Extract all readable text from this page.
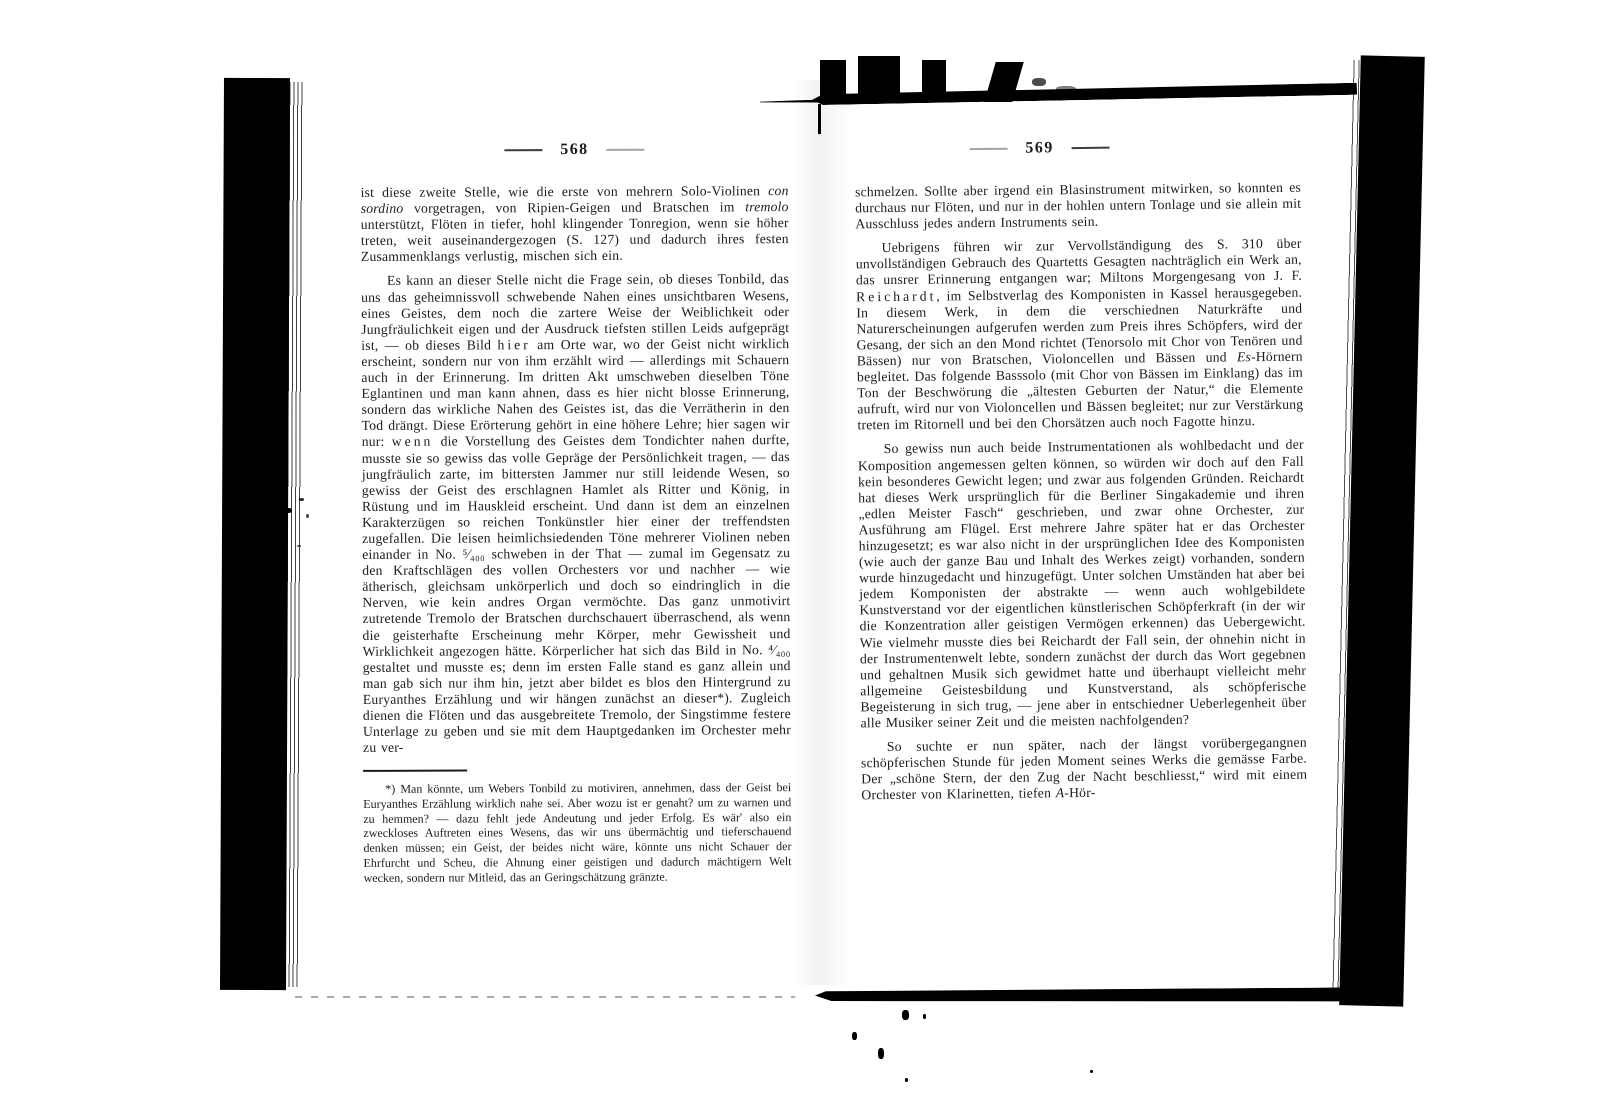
568

ist diese zweite Stelle, wie die erste von mehrern Solo-Violinen con sordino vorgetragen, von Ripien-Geigen und Bratschen im tremolo unterstützt, Flöten in tiefer, hohl klingender Tonregion, wenn sie höher treten, weit auseinandergezogen (S. 127) und dadurch ihres festen Zusammenklangs verlustig, mischen sich ein.

Es kann an dieser Stelle nicht die Frage sein, ob dieses Tonbild, das uns das geheimnissvoll schwebende Nahen eines unsichtbaren Wesens, eines Geistes, dem noch die zartere Weise der Weiblichkeit oder Jungfräulichkeit eigen und der Ausdruck tiefsten stillen Leids aufgeprägt ist, — ob dieses Bild hier am Orte war, wo der Geist nicht wirklich erscheint, sondern nur von ihm erzählt wird — allerdings mit Schauern auch in der Erinnerung. Im dritten Akt umschweben dieselben Töne Eglantinen und man kann ahnen, dass es hier nicht blosse Erinnerung, sondern das wirkliche Nahen des Geistes ist, das die Verrätherin in den Tod drängt. Diese Erörterung gehört in eine höhere Lehre; hier sagen wir nur: wenn die Vorstellung des Geistes dem Tondichter nahen durfte, musste sie so gewiss das volle Gepräge der Persönlichkeit tragen, — das jungfräulich zarte, im bittersten Jammer nur still leidende Wesen, so gewiss der Geist des erschlagnen Hamlet als Ritter und König, in Rüstung und im Hauskleid erscheint. Und dann ist dem an einzelnen Karakterzügen so reichen Tonkünstler hier einer der treffendsten zugefallen. Die leisen heimlichsiedenden Töne mehrerer Violinen neben einander in No. ⁵⁄₄₀₀ schweben in der That — zumal im Gegensatz zu den Kraftschlägen des vollen Orchesters vor und nachher — wie ätherisch, gleichsam unkörperlich und doch so eindringlich in die Nerven, wie kein andres Organ vermöchte. Das ganz unmotivirt zutretende Tremolo der Bratschen durchschauert überraschend, als wenn die geisterhafte Erscheinung mehr Körper, mehr Gewissheit und Wirklichkeit angezogen hätte. Körperlicher hat sich das Bild in No. ⁴⁄₄₀₀ gestaltet und musste es; denn im ersten Falle stand es ganz allein und man gab sich nur ihm hin, jetzt aber bildet es blos den Hintergrund zu Euryanthes Erzählung und wir hängen zunächst an dieser*). Zugleich dienen die Flöten und das ausgebreitete Tremolo, der Singstimme festere Unterlage zu geben und sie mit dem Hauptgedanken im Orchester mehr zu ver-

*) Man könnte, um Webers Tonbild zu motiviren, annehmen, dass der Geist bei Euryanthes Erzählung wirklich nahe sei. Aber wozu ist er genaht? um zu warnen und zu hemmen? — dazu fehlt jede Andeutung und jeder Erfolg. Es wär' also ein zweckloses Auftreten eines Wesens, das wir uns übermächtig und tieferschauend denken müssen; ein Geist, der beides nicht wäre, könnte uns nicht Schauer der Ehrfurcht und Scheu, die Ahnung einer geistigen und dadurch mächtigern Welt wecken, sondern nur Mitleid, das an Geringschätzung gränzte.

569

schmelzen. Sollte aber irgend ein Blasinstrument mitwirken, so konnten es durchaus nur Flöten, und nur in der hohlen untern Tonlage und sie allein mit Ausschluss jedes andern Instruments sein.

Uebrigens führen wir zur Vervollständigung des S. 310 über unvollständigen Gebrauch des Quartetts Gesagten nachträglich ein Werk an, das unsrer Erinnerung entgangen war; Miltons Morgengesang von J. F. Reichardt, im Selbstverlag des Komponisten in Kassel herausgegeben. In diesem Werk, in dem die verschiednen Naturkräfte und Naturerscheinungen aufgerufen werden zum Preis ihres Schöpfers, wird der Gesang, der sich an den Mond richtet (Tenorsolo mit Chor von Tenören und Bässen) nur von Bratschen, Violoncellen und Bässen und Es-Hörnern begleitet. Das folgende Basssolo (mit Chor von Bässen im Einklang) das im Ton der Beschwörung die „ältesten Geburten der Natur,“ die Elemente aufruft, wird nur von Violoncellen und Bässen begleitet; nur zur Verstärkung treten im Ritornell und bei den Chorsätzen auch noch Fagotte hinzu.

So gewiss nun auch beide Instrumentationen als wohlbedacht und der Komposition angemessen gelten können, so würden wir doch auf den Fall kein besonderes Gewicht legen; und zwar aus folgenden Gründen. Reichardt hat dieses Werk ursprünglich für die Berliner Singakademie und ihren „edlen Meister Fasch“ geschrieben, und zwar ohne Orchester, zur Ausführung am Flügel. Erst mehrere Jahre später hat er das Orchester hinzugesetzt; es war also nicht in der ursprünglichen Idee des Komponisten (wie auch der ganze Bau und Inhalt des Werkes zeigt) vorhanden, sondern wurde hinzugedacht und hinzugefügt. Unter solchen Umständen hat aber bei jedem Komponisten der abstrakte — wenn auch wohlgebildete Kunstverstand vor der eigentlichen künstlerischen Schöpferkraft (in der wir die Konzentration aller geistigen Vermögen erkennen) das Uebergewicht. Wie vielmehr musste dies bei Reichardt der Fall sein, der ohnehin nicht in der Instrumentenwelt lebte, sondern zunächst der durch das Wort gegebnen und gehaltnen Musik sich gewidmet hatte und überhaupt vielleicht mehr allgemeine Geistesbildung und Kunstverstand, als schöpferische Begeisterung in sich trug, — jene aber in entschiedner Ueberlegenheit über alle Musiker seiner Zeit und die meisten nachfolgenden?

So suchte er nun später, nach der längst vorübergegangnen schöpferischen Stunde für jeden Moment seines Werks die gemässe Farbe. Der „schöne Stern, der den Zug der Nacht beschliesst,“ wird mit einem Orchester von Klarinetten, tiefen A-Hör-
